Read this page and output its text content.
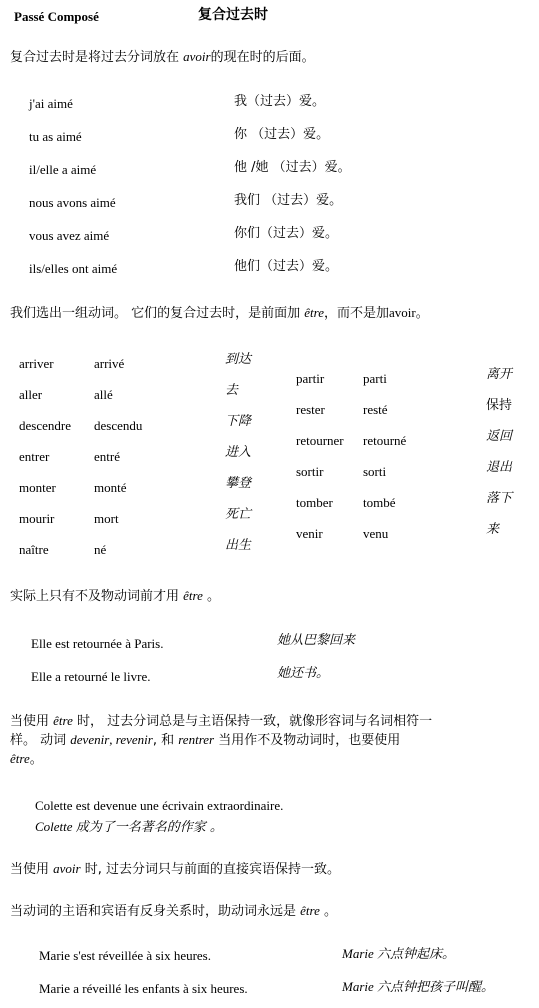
Passé Composé	复合过去时
复合过去时是将过去分词放在 avoir的现在时的后面。
j'ai aimé	我（过去）爱。
tu as aimé	你 （过去）爱。
il/elle a aimé	他 /她 （过去）爱。
nous avons aimé	我们 （过去）爱。
vous avez aimé	你们（过去）爱。
ils/elles ont aimé	他们（过去）爱。
我们选出一组动词。 它们的复合过去时，是前面加 être，而不是加avoir。
arriver	arrivé	到达
aller	allé	去
descendre descendu	下降
entrer	entré	进入
monter	monté	攀登
mourir	mort	死亡
naître	né	出生
partir	parti	离开
rester	resté	保持
retourner retourné	返回
sortir	sorti	退出
tomber tombé	落下
venir	venu	来
实际上只有不及物动词前才用 être 。
Elle est retournée à Paris.	她从巴黎回来
Elle a retourné le livre.	她还书。
当使用 être 时， 过去分词总是与主语保持一致，就像形容词与名词相符一
样。 动词 devenir, revenir, 和 rentrer 当用作不及物动词时，也要使用
être。
Colette est devenue une écrivain extraordinaire.
Colette 成为了一名著名的作家 。
当使用 avoir 时, 过去分词只与前面的直接宾语保持一致。
当动词的主语和宾语有反身关系时，助动词永远是 être 。
Marie s'est réveillée à six heures.	Marie 六点钟起床。
Marie a réveillé les enfants à six heures.	Marie 六点钟把孩子叫醒。
